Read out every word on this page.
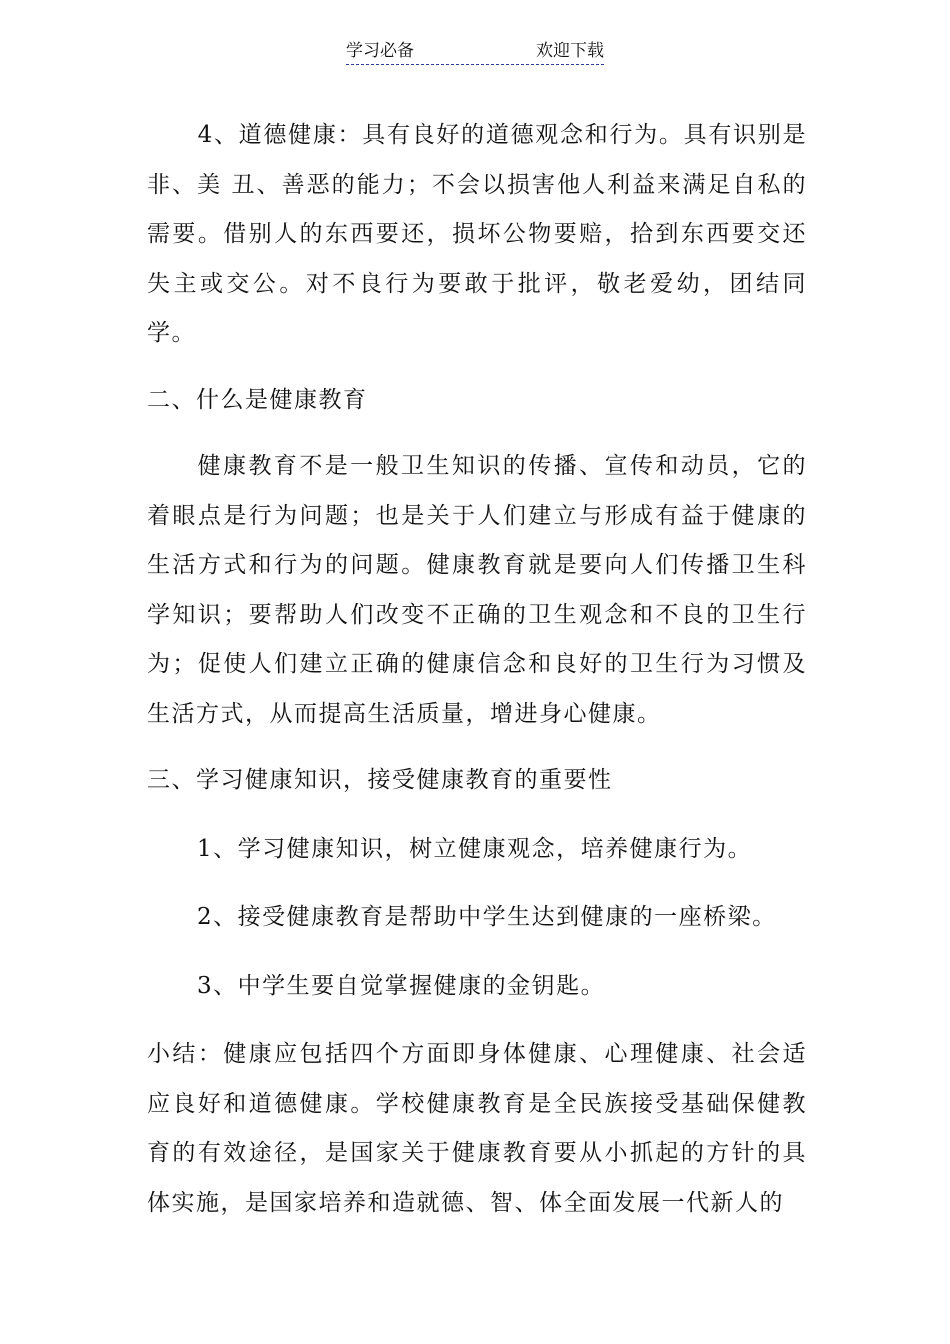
学习必备	欢迎下载

4、道德健康：具有良好的道德观念和行为。具有识别是非、美 丑、善恶的能力；不会以损害他人利益来满足自私的需要。借别人的东西要还，损坏公物要赔，拾到东西要交还失主或交公。对不良行为要敢于批评，敬老爱幼，团结同学。

二、什么是健康教育

健康教育不是一般卫生知识的传播、宣传和动员，它的着眼点是行为问题；也是关于人们建立与形成有益于健康的生活方式和行为的问题。健康教育就是要向人们传播卫生科学知识；要帮助人们改变不正确的卫生观念和不良的卫生行为；促使人们建立正确的健康信念和良好的卫生行为习惯及生活方式，从而提高生活质量，增进身心健康。

三、学习健康知识，接受健康教育的重要性

1、学习健康知识，树立健康观念，培养健康行为。

2、接受健康教育是帮助中学生达到健康的一座桥梁。

3、中学生要自觉掌握健康的金钥匙。

小结：健康应包括四个方面即身体健康、心理健康、社会适应良好和道德健康。学校健康教育是全民族接受基础保健教育的有效途径，是国家关于健康教育要从小抓起的方针的具体实施，是国家培养和造就德、智、体全面发展一代新人的
